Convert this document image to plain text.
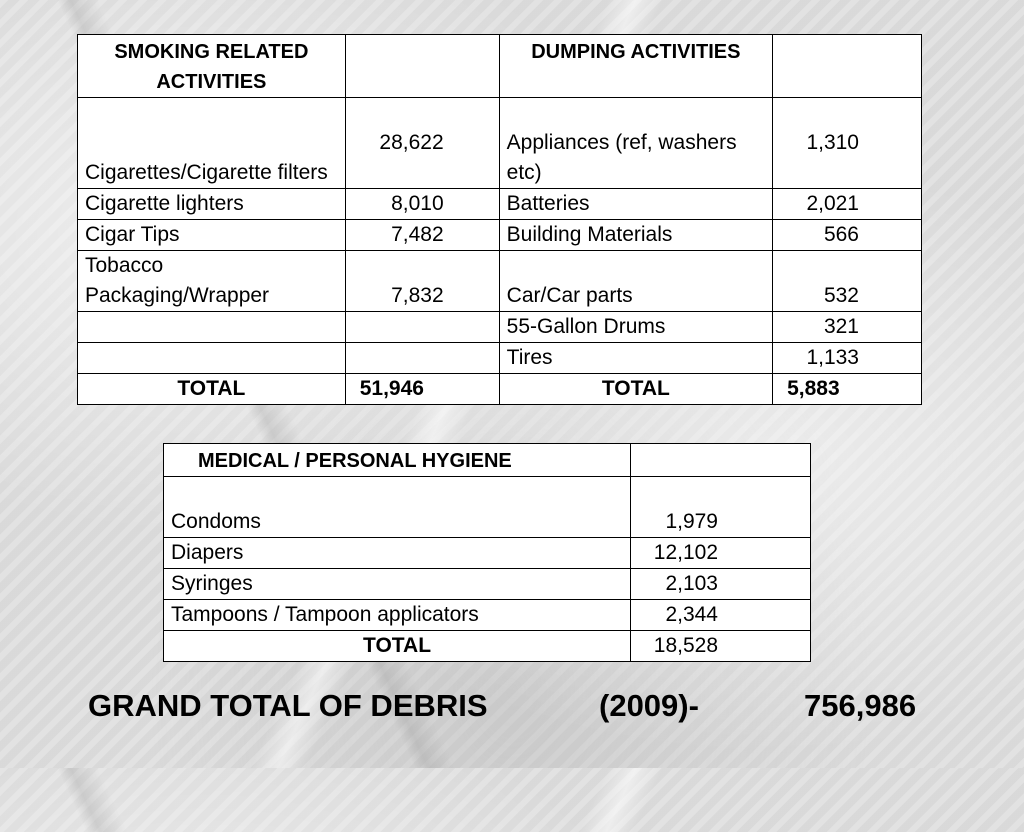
SMOKING RELATED ACTIVITIES		DUMPING ACTIVITIES	
Cigarettes/Cigarette filters	28,622	Appliances (ref, washers etc)	1,310
Cigarette lighters	8,010	Batteries	2,021
Cigar Tips	7,482	Building Materials	566
Tobacco Packaging/Wrapper	7,832	Car/Car parts	532
		55-Gallon Drums	321
		Tires	1,133
TOTAL	51,946	TOTAL	5,883
MEDICAL / PERSONAL HYGIENE	
Condoms	1,979
Diapers	12,102
Syringes	2,103
Tampoons / Tampoon applicators	2,344
TOTAL	18,528

GRAND TOTAL OF DEBRIS

	(2009)-

	756,986
